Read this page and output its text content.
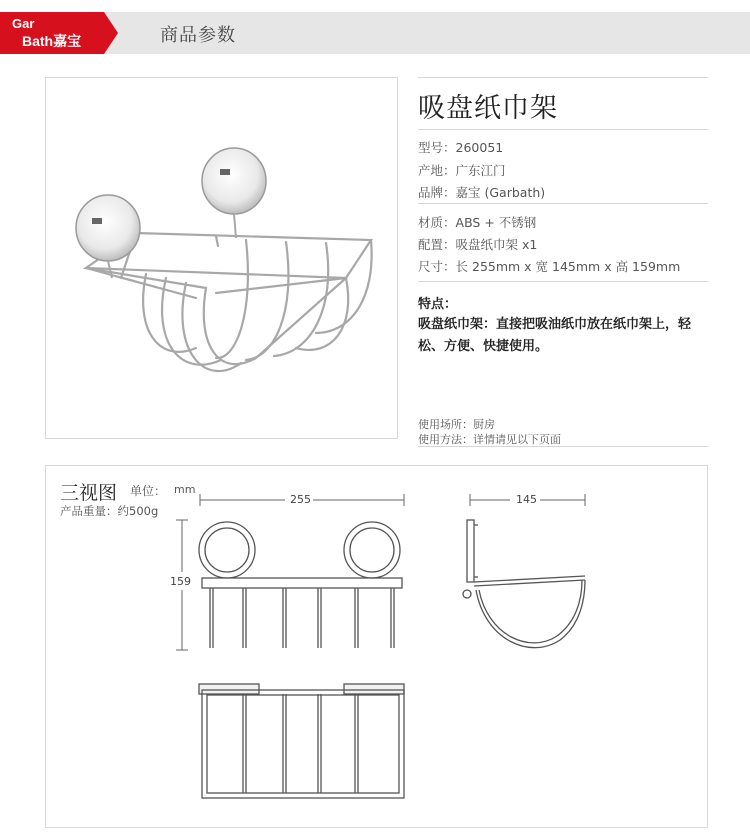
Gar
Bath嘉宝	商品参数
吸盘纸巾架
型号：260051
产地：广东江门
品牌：嘉宝 (Garbath)
材质：ABS + 不锈钢
配置：吸盘纸巾架 x1
尺寸：长 255mm x 宽 145mm x 高 159mm
特点：
吸盘纸巾架：直接把吸油纸巾放在纸巾架上，轻松、方便、快捷使用。
使用场所：厨房
使用方法：详情请见以下页面
三视图 单位： mm
产品重量：约500g
255	145
159
